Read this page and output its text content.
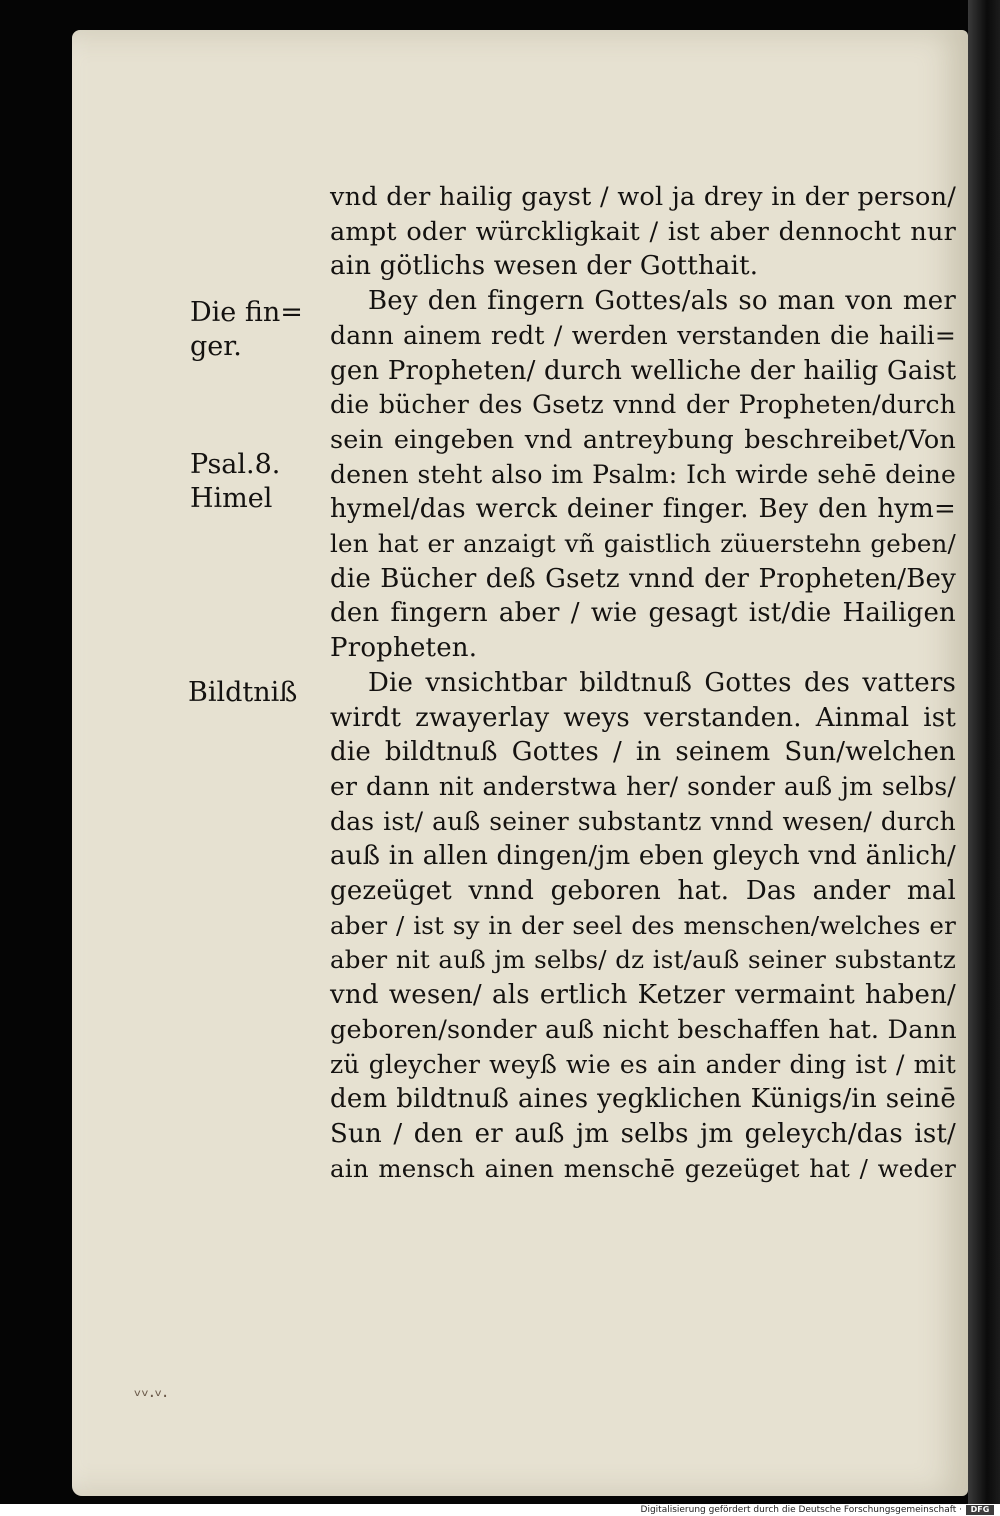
Die fin=
ger.
Psal.8.
Himel
Bildtniß
vnd der hailig gayst / wol ja drey in der person/
ampt oder würckligkait / ist aber dennocht nur
ain götlichs wesen der Gotthait.
Bey den fingern Gottes/als so man von mer
dann ainem redt / werden verstanden die haili=
gen Propheten/ durch welliche der hailig Gaist
die bücher des Gsetz vnnd der Propheten/durch
sein eingeben vnd antreybung beschreibet/Von
denen steht also im Psalm: Ich wirde sehē deine
hymel/das werck deiner finger. Bey den hym=
len hat er anzaigt vñ gaistlich züuerstehn geben/
die Bücher deß Gsetz vnnd der Propheten/Bey
den fingern aber / wie gesagt ist/die Hailigen
Propheten.
Die vnsichtbar bildtnuß Gottes des vatters
wirdt zwayerlay weys verstanden. Ainmal ist
die bildtnuß Gottes / in seinem Sun/welchen
er dann nit anderstwa her/ sonder auß jm selbs/
das ist/ auß seiner substantz vnnd wesen/ durch
auß in allen dingen/jm eben gleych vnd änlich/
gezeüget vnnd geboren hat. Das ander mal
aber / ist sy in der seel des menschen/welches er
aber nit auß jm selbs/ dz ist/auß seiner substantz
vnd wesen/ als ertlich Ketzer vermaint haben/
geboren/sonder auß nicht beschaffen hat. Dann
zü gleycher weyß wie es ain ander ding ist / mit
dem bildtnuß aines yegklichen Künigs/in seinē
Sun / den er auß jm selbs jm geleych/das ist/
ain mensch ainen menschē gezeüget hat / weder
ᵛᵛ·ᵛ·
Digitalisierung gefördert durch die Deutsche Forschungsgemeinschaft ·	DFG
